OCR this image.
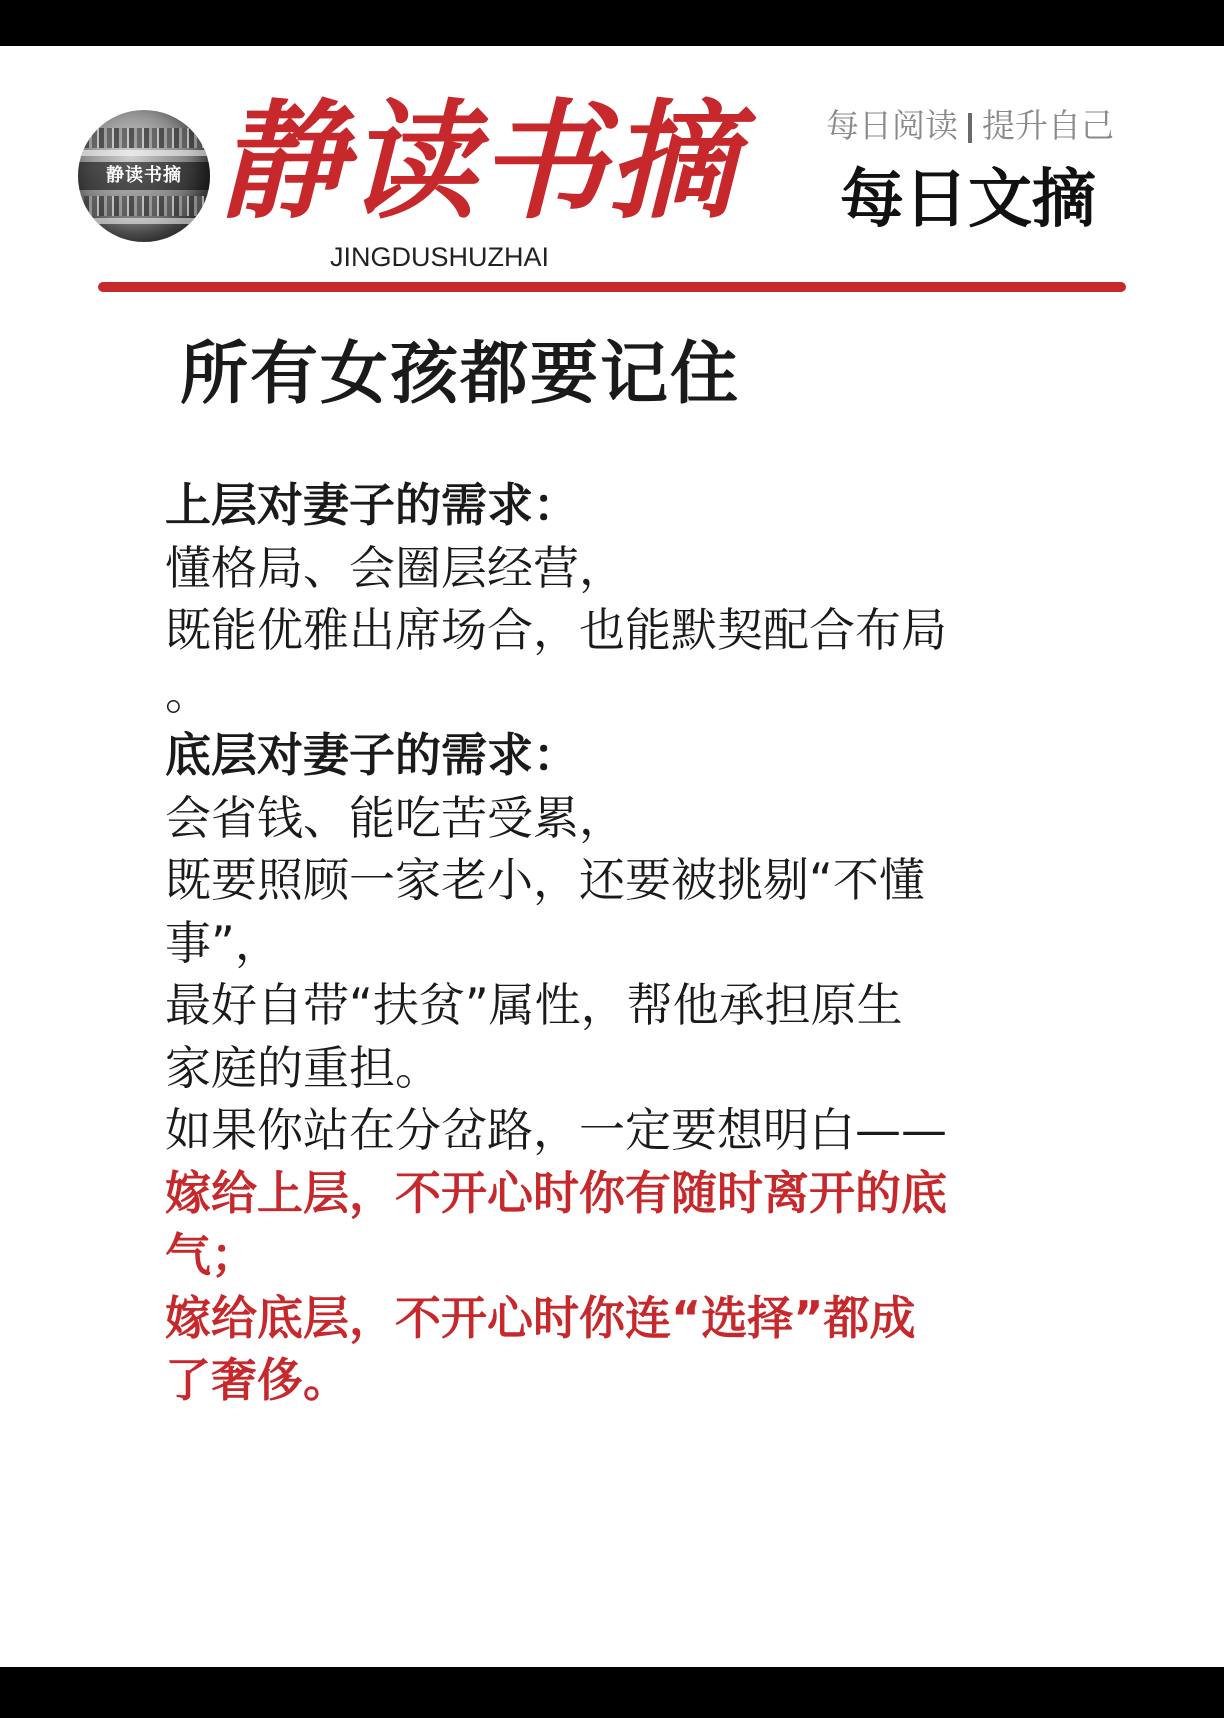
静读书摘 静读书摘
JINGDUSHUZHAI
每日阅读 提升自己
每日文摘
所有女孩都要记住
上层对妻子的需求：
懂格局、会圈层经营，
既能优雅出席场合，也能默契配合布局
。
底层对妻子的需求：
会省钱、能吃苦受累，
既要照顾一家老小，还要被挑剔“不懂
事”，
最好自带“扶贫”属性，帮他承担原生
家庭的重担。
如果你站在分岔路，一定要想明白——
嫁给上层，不开心时你有随时离开的底
气；
嫁给底层，不开心时你连“选择”都成
了奢侈。
